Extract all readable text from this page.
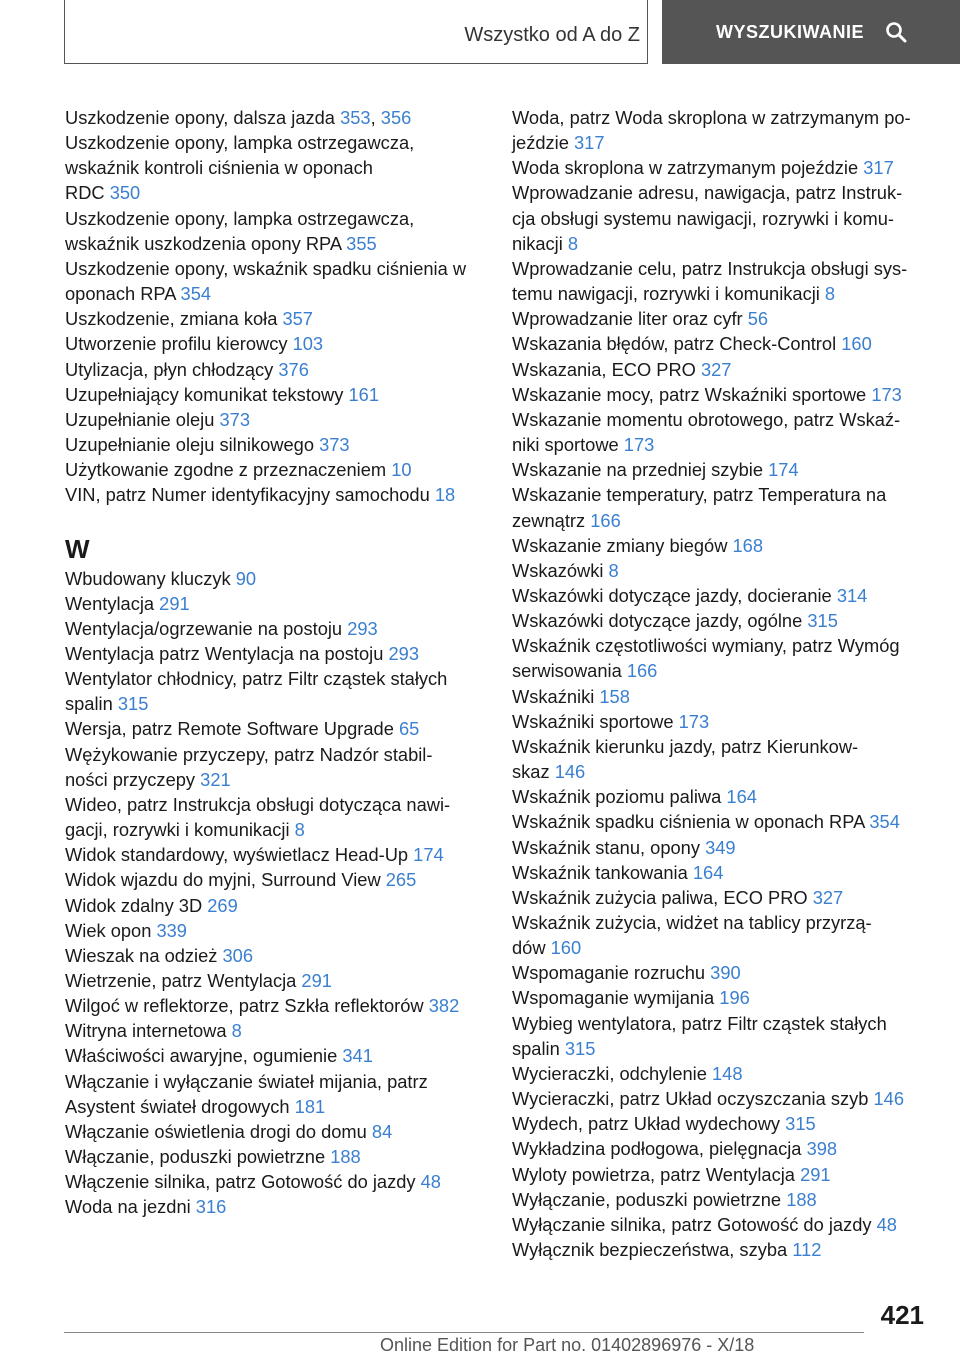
Wszystko od A do Z	WYSZUKIWANIE
Uszkodzenie opony, dalsza jazda 353, 356
Uszkodzenie opony, lampka ostrzegawcza,
wskaźnik kontroli ciśnienia w oponach
RDC 350
Uszkodzenie opony, lampka ostrzegawcza,
wskaźnik uszkodzenia opony RPA 355
Uszkodzenie opony, wskaźnik spadku ciśnienia w
oponach RPA 354
Uszkodzenie, zmiana koła 357
Utworzenie profilu kierowcy 103
Utylizacja, płyn chłodzący 376
Uzupełniający komunikat tekstowy 161
Uzupełnianie oleju 373
Uzupełnianie oleju silnikowego 373
Użytkowanie zgodne z przeznaczeniem 10
VIN, patrz Numer identyfikacyjny samochodu 18
W
Wbudowany kluczyk 90
Wentylacja 291
Wentylacja/ogrzewanie na postoju 293
Wentylacja patrz Wentylacja na postoju 293
Wentylator chłodnicy, patrz Filtr cząstek stałych
spalin 315
Wersja, patrz Remote Software Upgrade 65
Wężykowanie przyczepy, patrz Nadzór stabil-
ności przyczepy 321
Wideo, patrz Instrukcja obsługi dotycząca nawi-
gacji, rozrywki i komunikacji 8
Widok standardowy, wyświetlacz Head-Up 174
Widok wjazdu do myjni, Surround View 265
Widok zdalny 3D 269
Wiek opon 339
Wieszak na odzież 306
Wietrzenie, patrz Wentylacja 291
Wilgoć w reflektorze, patrz Szkła reflektorów 382
Witryna internetowa 8
Właściwości awaryjne, ogumienie 341
Włączanie i wyłączanie świateł mijania, patrz
Asystent świateł drogowych 181
Włączanie oświetlenia drogi do domu 84
Włączanie, poduszki powietrzne 188
Włączenie silnika, patrz Gotowość do jazdy 48
Woda na jezdni 316
Woda, patrz Woda skroplona w zatrzymanym po-
jeździe 317
Woda skroplona w zatrzymanym pojeździe 317
Wprowadzanie adresu, nawigacja, patrz Instruk-
cja obsługi systemu nawigacji, rozrywki i komu-
nikacji 8
Wprowadzanie celu, patrz Instrukcja obsługi sys-
temu nawigacji, rozrywki i komunikacji 8
Wprowadzanie liter oraz cyfr 56
Wskazania błędów, patrz Check-Control 160
Wskazania, ECO PRO 327
Wskazanie mocy, patrz Wskaźniki sportowe 173
Wskazanie momentu obrotowego, patrz Wskaź-
niki sportowe 173
Wskazanie na przedniej szybie 174
Wskazanie temperatury, patrz Temperatura na
zewnątrz 166
Wskazanie zmiany biegów 168
Wskazówki 8
Wskazówki dotyczące jazdy, docieranie 314
Wskazówki dotyczące jazdy, ogólne 315
Wskaźnik częstotliwości wymiany, patrz Wymóg
serwisowania 166
Wskaźniki 158
Wskaźniki sportowe 173
Wskaźnik kierunku jazdy, patrz Kierunkow-
skaz 146
Wskaźnik poziomu paliwa 164
Wskaźnik spadku ciśnienia w oponach RPA 354
Wskaźnik stanu, opony 349
Wskaźnik tankowania 164
Wskaźnik zużycia paliwa, ECO PRO 327
Wskaźnik zużycia, widżet na tablicy przyrzą-
dów 160
Wspomaganie rozruchu 390
Wspomaganie wymijania 196
Wybieg wentylatora, patrz Filtr cząstek stałych
spalin 315
Wycieraczki, odchylenie 148
Wycieraczki, patrz Układ oczyszczania szyb 146
Wydech, patrz Układ wydechowy 315
Wykładzina podłogowa, pielęgnacja 398
Wyloty powietrza, patrz Wentylacja 291
Wyłączanie, poduszki powietrzne 188
Wyłączanie silnika, patrz Gotowość do jazdy 48
Wyłącznik bezpieczeństwa, szyba 112
421
Online Edition for Part no. 01402896976 - X/18
